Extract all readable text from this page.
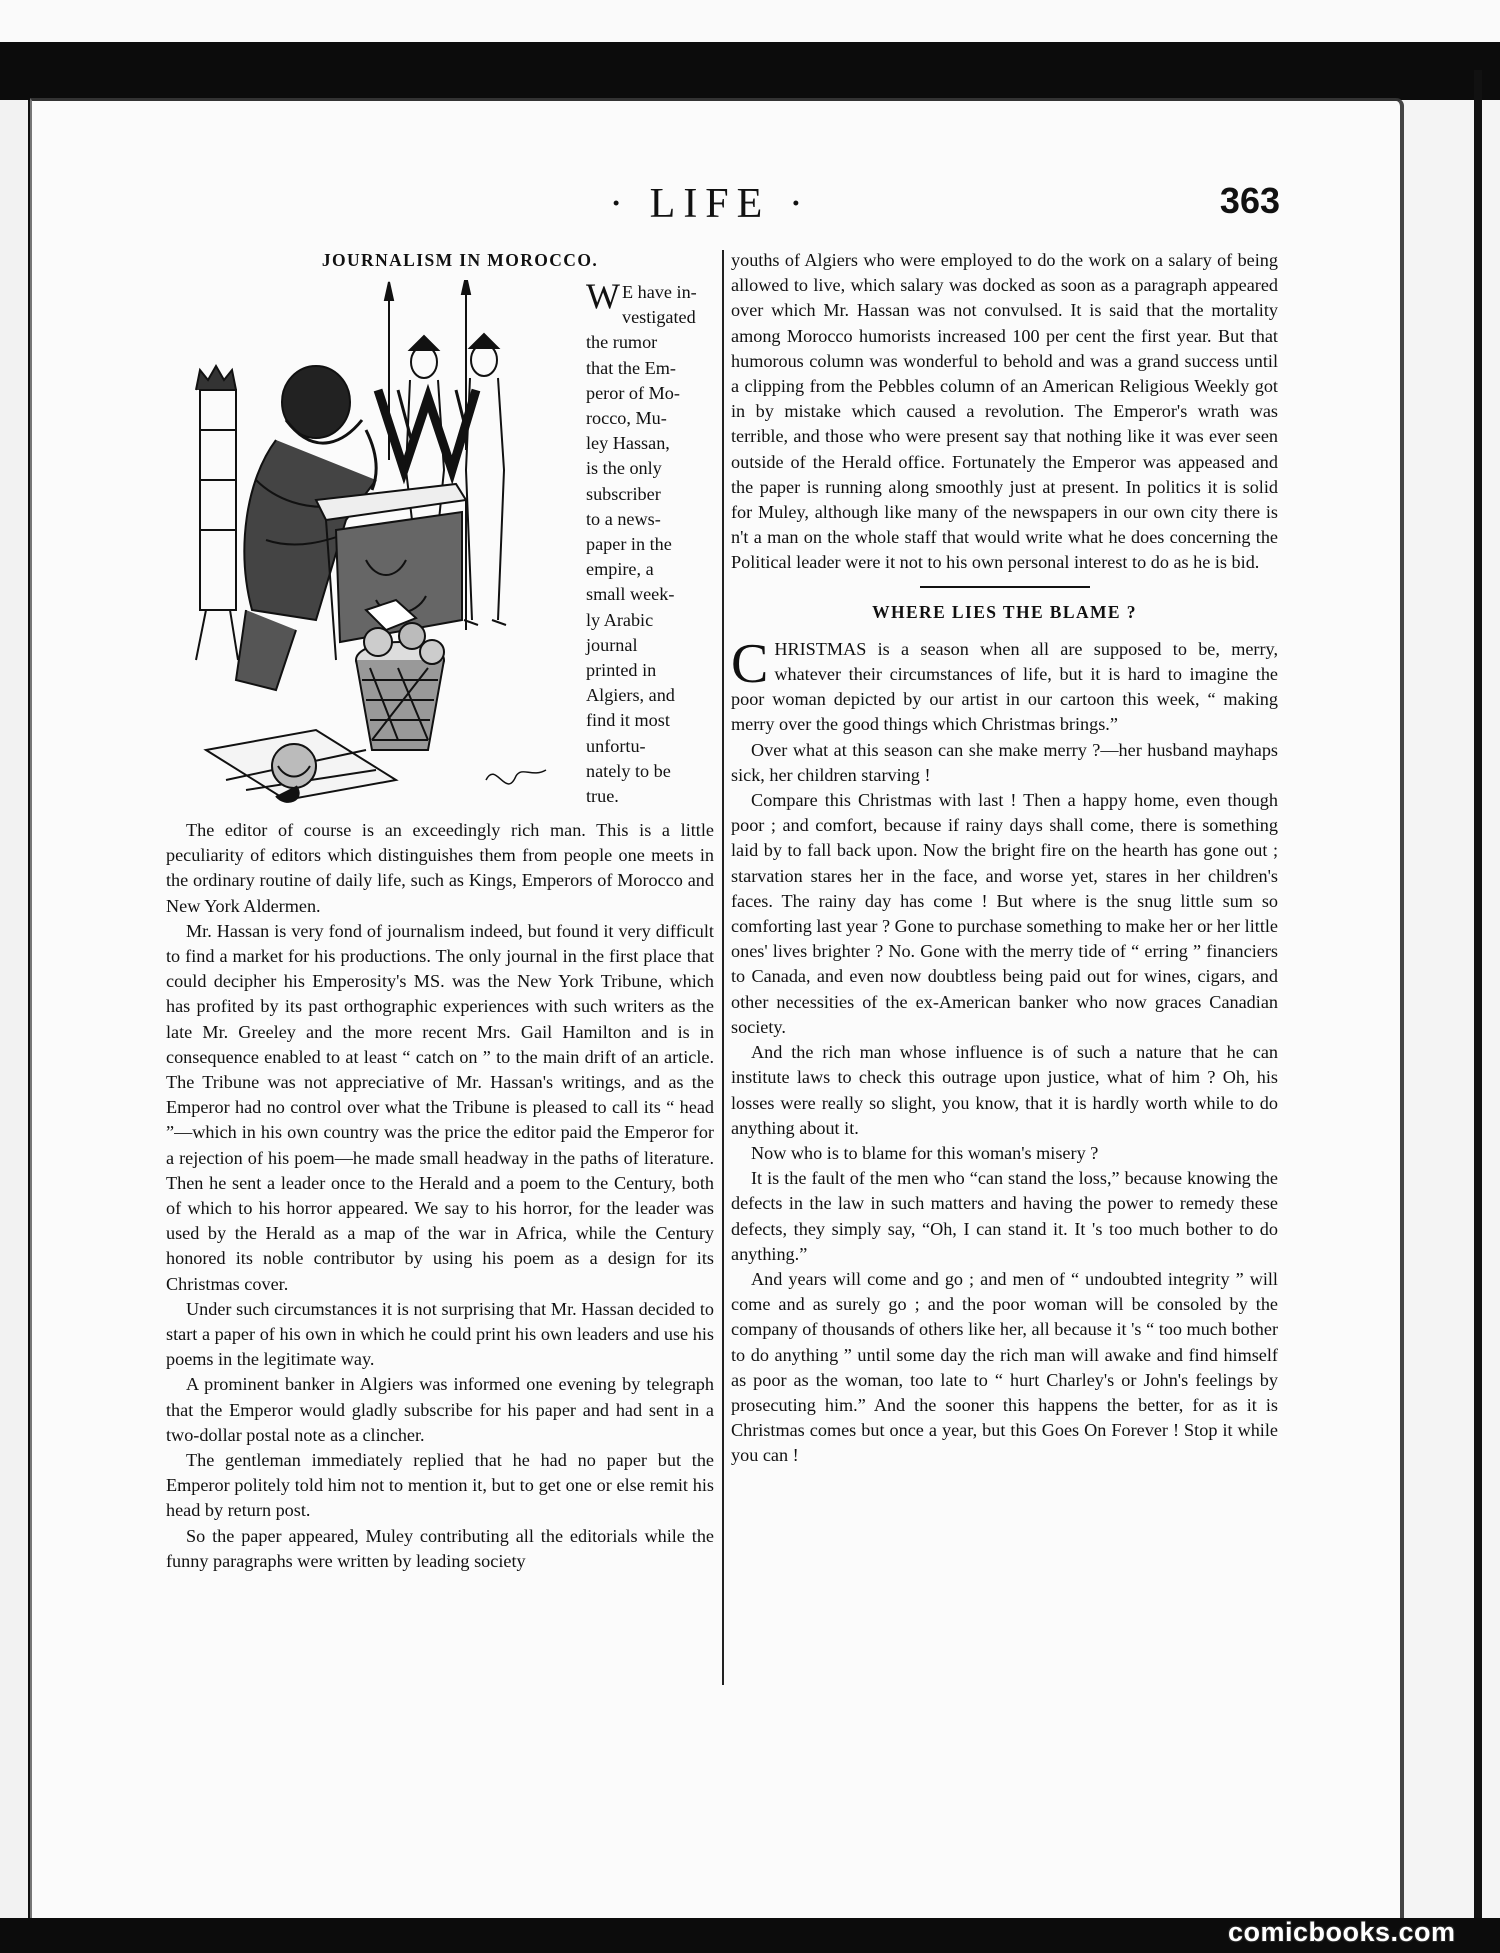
· LIFE ·	363
JOURNALISM IN MOROCCO.

W E have in-

vestigated

the rumor

that the Em-

peror of Mo-

rocco, Mu-

ley Hassan,

is the only

subscriber

to a news-

paper in the

empire, a

small week-

ly Arabic

journal

printed in

Algiers, and

find it most

unfortu-

nately to be

true.

The editor of course is an exceedingly rich man. This is a little peculiarity of editors which distinguishes them from people one meets in the ordinary routine of daily life, such as Kings, Emperors of Morocco and New York Aldermen.

Mr. Hassan is very fond of journalism indeed, but found it very difficult to find a market for his productions. The only journal in the first place that could decipher his Emperosity's MS. was the New York Tribune, which has profited by its past orthographic experiences with such writers as the late Mr. Greeley and the more recent Mrs. Gail Hamilton and is in consequence enabled to at least “ catch on ” to the main drift of an article. The Tribune was not appreciative of Mr. Hassan's writings, and as the Emperor had no control over what the Tribune is pleased to call its “ head ”—which in his own country was the price the editor paid the Emperor for a rejection of his poem—he made small headway in the paths of literature. Then he sent a leader once to the Herald and a poem to the Century, both of which to his horror appeared. We say to his horror, for the leader was used by the Herald as a map of the war in Africa, while the Century honored its noble contributor by using his poem as a design for its Christmas cover.

Under such circumstances it is not surprising that Mr. Hassan decided to start a paper of his own in which he could print his own leaders and use his poems in the legitimate way.

A prominent banker in Algiers was informed one evening by telegraph that the Emperor would gladly subscribe for his paper and had sent in a two-dollar postal note as a clincher.

The gentleman immediately replied that he had no paper but the Emperor politely told him not to mention it, but to get one or else remit his head by return post.

So the paper appeared, Muley contributing all the editorials while the funny paragraphs were written by leading society

youths of Algiers who were employed to do the work on a salary of being allowed to live, which salary was docked as soon as a paragraph appeared over which Mr. Hassan was not convulsed. It is said that the mortality among Morocco humorists increased 100 per cent the first year. But that humorous column was wonderful to behold and was a grand success until a clipping from the Pebbles column of an American Religious Weekly got in by mistake which caused a revolution. The Emperor's wrath was terrible, and those who were present say that nothing like it was ever seen outside of the Herald office. Fortunately the Emperor was appeased and the paper is running along smoothly just at present. In politics it is solid for Muley, although like many of the newspapers in our own city there is n't a man on the whole staff that would write what he does concerning the Political leader were it not to his own personal interest to do as he is bid.

WHERE LIES THE BLAME ?

CHRISTMAS is a season when all are supposed to be, merry, whatever their circumstances of life, but it is hard to imagine the poor woman depicted by our artist in our cartoon this week, “ making merry over the good things which Christmas brings.”

Over what at this season can she make merry ?—her husband mayhaps sick, her children starving !

Compare this Christmas with last ! Then a happy home, even though poor ; and comfort, because if rainy days shall come, there is something laid by to fall back upon. Now the bright fire on the hearth has gone out ; starvation stares her in the face, and worse yet, stares in her children's faces. The rainy day has come ! But where is the snug little sum so comforting last year ? Gone to purchase something to make her or her little ones' lives brighter ? No. Gone with the merry tide of “ erring ” financiers to Canada, and even now doubtless being paid out for wines, cigars, and other necessities of the ex-American banker who now graces Canadian society.

And the rich man whose influence is of such a nature that he can institute laws to check this outrage upon justice, what of him ? Oh, his losses were really so slight, you know, that it is hardly worth while to do anything about it.

Now who is to blame for this woman's misery ?

It is the fault of the men who “can stand the loss,” because knowing the defects in the law in such matters and having the power to remedy these defects, they simply say, “Oh, I can stand it. It 's too much bother to do anything.”

And years will come and go ; and men of “ undoubted integrity ” will come and as surely go ; and the poor woman will be consoled by the company of thousands of others like her, all because it 's “ too much bother to do anything ” until some day the rich man will awake and find himself as poor as the woman, too late to “ hurt Charley's or John's feelings by prosecuting him.” And the sooner this happens the better, for as it is Christmas comes but once a year, but this Goes On Forever ! Stop it while you can !

comicbooks.com
